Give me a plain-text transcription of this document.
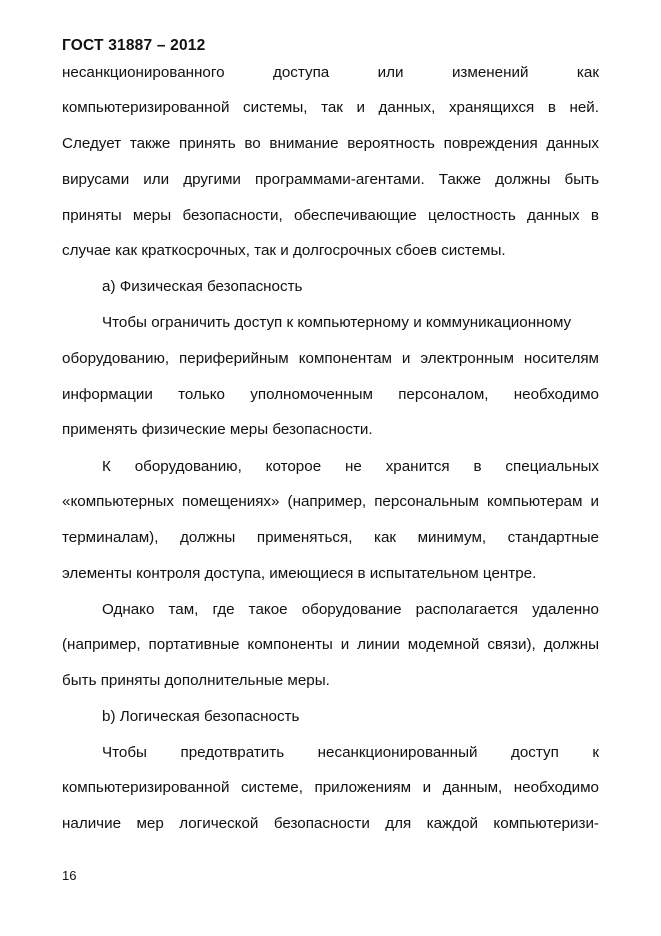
ГОСТ 31887 – 2012
несанкционированного доступа или изменений как
компьютеризированной системы, так и данных, хранящихся в ней.
Следует также принять во внимание вероятность повреждения данных
вирусами или другими программами-агентами. Также должны быть
приняты меры безопасности, обеспечивающие целостность данных в
случае как краткосрочных, так и долгосрочных сбоев системы.
а) Физическая безопасность
Чтобы ограничить доступ к компьютерному и коммуникационному
оборудованию, периферийным компонентам и электронным носителям
информации только уполномоченным персоналом, необходимо
применять физические меры безопасности.
К оборудованию, которое не хранится в специальных
«компьютерных помещениях» (например, персональным компьютерам и
терминалам), должны применяться, как минимум, стандартные
элементы контроля доступа, имеющиеся в испытательном центре.
Однако там, где такое оборудование располагается удаленно
(например, портативные компоненты и линии модемной связи), должны
быть приняты дополнительные меры.
b) Логическая безопасность
Чтобы предотвратить несанкционированный доступ к
компьютеризированной системе, приложениям и данным, необходимо
наличие мер логической безопасности для каждой компьютеризи-
16
